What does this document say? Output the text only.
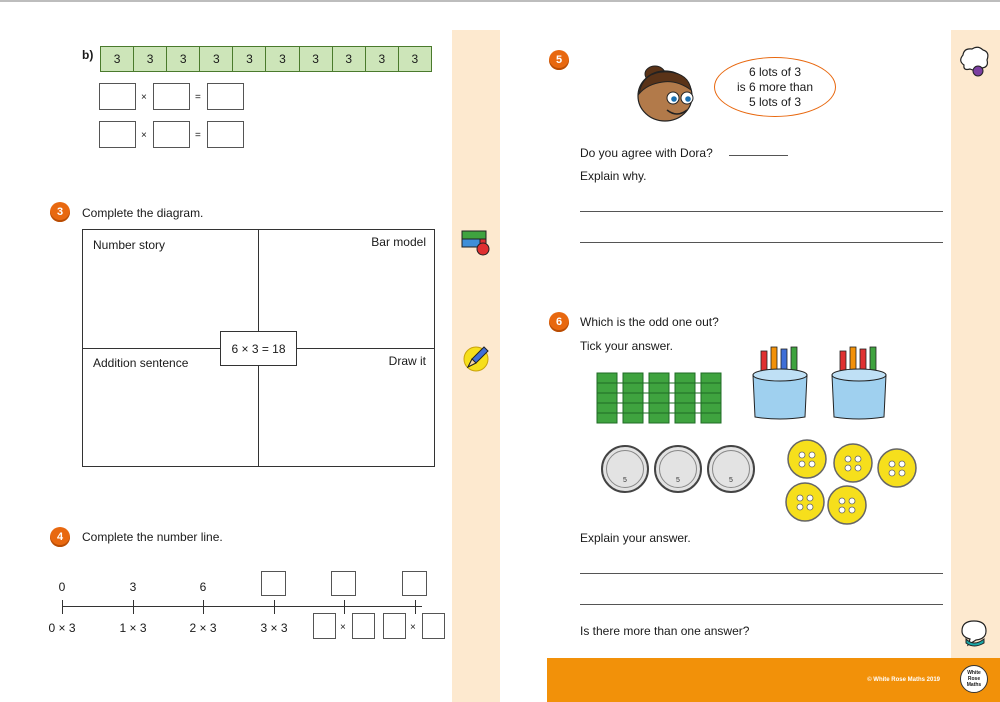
b)	3	3	3	3	3	3	3	3	3	3
×	=
×	=
3	Complete the diagram.
Number story	Bar model
Addition sentence	Draw it
6 × 3 = 18
4	Complete the number line.
0	3	6
0 × 3	1 × 3	2 × 3	3 × 3	×	×
5
6 lots of 3
is 6 more than
5 lots of 3
Do you agree with Dora?
Explain why.
6	Which is the odd one out?
Tick your answer.
5	5	5
Explain your answer.
Is there more than one answer?
© White Rose Maths 2019
White Rose Maths
